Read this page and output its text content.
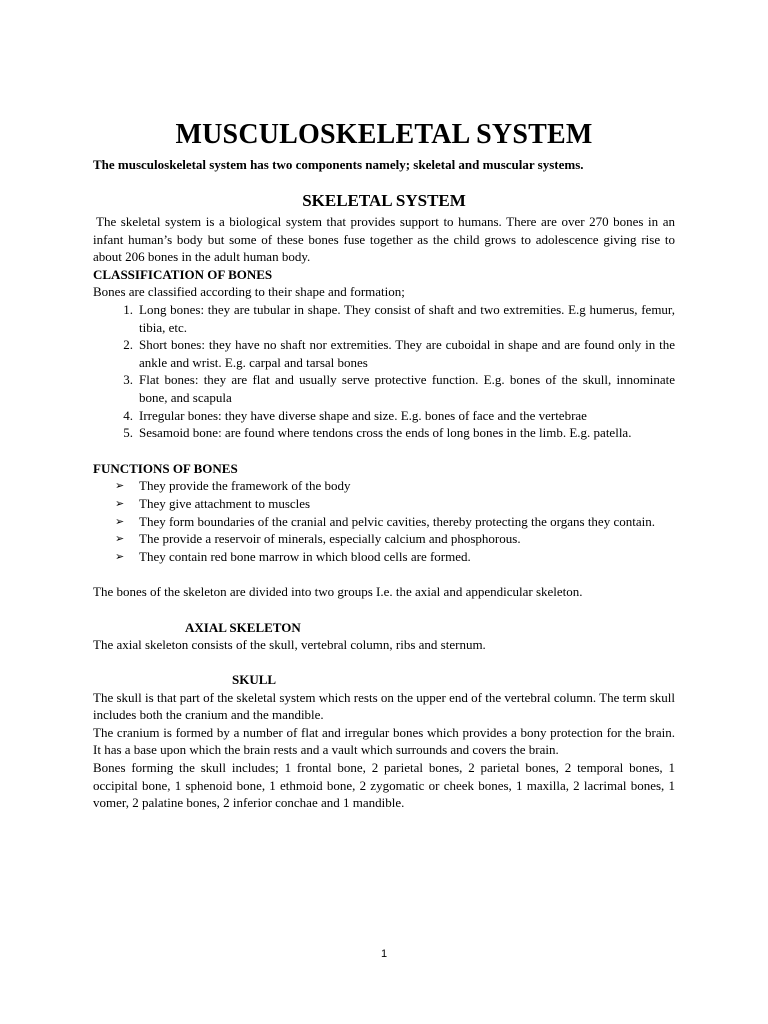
MUSCULOSKELETAL SYSTEM

The musculoskeletal system has two components namely; skeletal and muscular systems.

SKELETAL SYSTEM

The skeletal system is a biological system that provides support to humans. There are over 270 bones in an infant human’s body but some of these bones fuse together as the child grows to adolescence giving rise to about 206 bones in the adult human body.

CLASSIFICATION OF BONES

Bones are classified according to their shape and formation;

1. Long bones: they are tubular in shape. They consist of shaft and two extremities. E.g humerus, femur, tibia, etc.
2. Short bones: they have no shaft nor extremities. They are cuboidal in shape and are found only in the ankle and wrist. E.g. carpal and tarsal bones
3. Flat bones: they are flat and usually serve protective function. E.g. bones of the skull, innominate bone, and scapula
4. Irregular bones: they have diverse shape and size. E.g. bones of face and the vertebrae
5. Sesamoid bone: are found where tendons cross the ends of long bones in the limb. E.g. patella.
FUNCTIONS OF BONES
➢ They provide the framework of the body
➢ They give attachment to muscles
➢ They form boundaries of the cranial and pelvic cavities, thereby protecting the organs they contain.
➢ The provide a reservoir of minerals, especially calcium and phosphorous.
➢ They contain red bone marrow in which blood cells are formed.

The bones of the skeleton are divided into two groups I.e. the axial and appendicular skeleton.

AXIAL SKELETON

The axial skeleton consists of the skull, vertebral column, ribs and sternum.

SKULL

The skull is that part of the skeletal system which rests on the upper end of the vertebral column. The term skull includes both the cranium and the mandible.

The cranium is formed by a number of flat and irregular bones which provides a bony protection for the brain. It has a base upon which the brain rests and a vault which surrounds and covers the brain.

Bones forming the skull includes; 1 frontal bone, 2 parietal bones, 2 parietal bones, 2 temporal bones, 1 occipital bone, 1 sphenoid bone, 1 ethmoid bone, 2 zygomatic or cheek bones, 1 maxilla, 2 lacrimal bones, 1 vomer, 2 palatine bones, 2 inferior conchae and 1 mandible.

1
